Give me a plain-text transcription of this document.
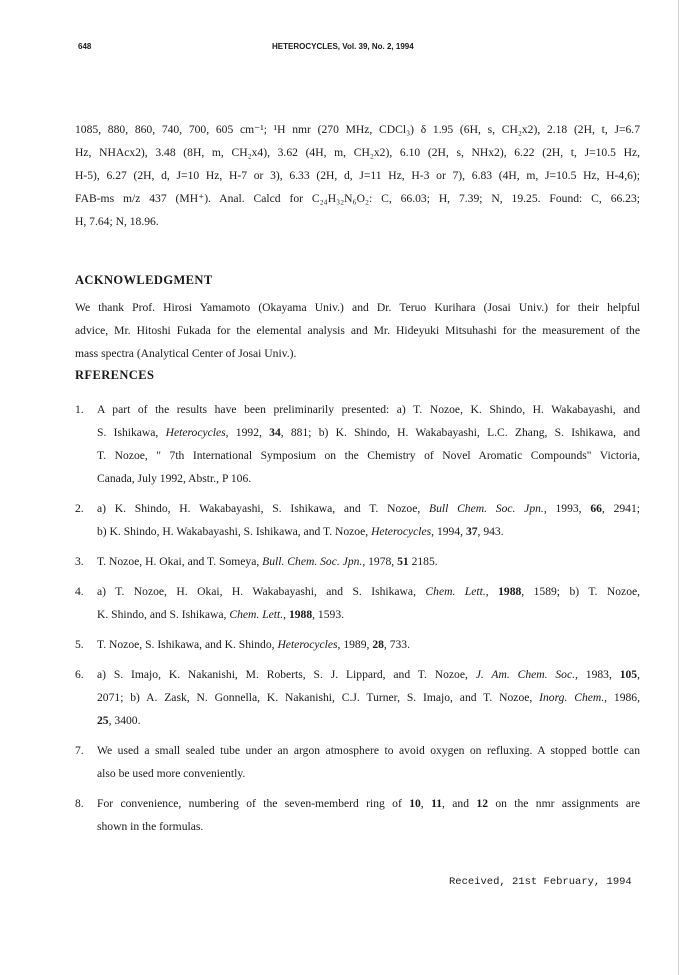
648	HETEROCYCLES, Vol. 39, No. 2, 1994
1085, 880, 860, 740, 700, 605 cm⁻¹; ¹H nmr (270 MHz, CDCl₃) δ 1.95 (6H, s, CH₂x2), 2.18 (2H, t, J=6.7
Hz, NHAcx2), 3.48 (8H, m, CH₂x4), 3.62 (4H, m, CH₂x2), 6.10 (2H, s, NHx2), 6.22 (2H, t, J=10.5 Hz,
H-5), 6.27 (2H, d, J=10 Hz, H-7 or 3), 6.33 (2H, d, J=11 Hz, H-3 or 7), 6.83 (4H, m, J=10.5 Hz, H-4,6);
FAB-ms m/z 437 (MH⁺). Anal. Calcd for C₂₄H₃₂N₆O₂: C, 66.03; H, 7.39; N, 19.25. Found: C, 66.23;
H, 7.64; N, 18.96.
ACKNOWLEDGMENT
We thank Prof. Hirosi Yamamoto (Okayama Univ.) and Dr. Teruo Kurihara (Josai Univ.) for their helpful
advice, Mr. Hitoshi Fukada for the elemental analysis and Mr. Hideyuki Mitsuhashi for the measurement of the
mass spectra (Analytical Center of Josai Univ.).
RFERENCES
1. A part of the results have been preliminarily presented: a) T. Nozoe, K. Shindo, H. Wakabayashi, and
S. Ishikawa, Heterocycles, 1992, 34, 881; b) K. Shindo, H. Wakabayashi, L.C. Zhang, S. Ishikawa, and
T. Nozoe, " 7th International Symposium on the Chemistry of Novel Aromatic Compounds" Victoria,
Canada, July 1992, Abstr., P 106.
2. a) K. Shindo, H. Wakabayashi, S. Ishikawa, and T. Nozoe, Bull Chem. Soc. Jpn., 1993, 66, 2941;
b) K. Shindo, H. Wakabayashi, S. Ishikawa, and T. Nozoe, Heterocycles, 1994, 37, 943.
3. T. Nozoe, H. Okai, and T. Someya, Bull. Chem. Soc. Jpn., 1978, 51 2185.
4. a) T. Nozoe, H. Okai, H. Wakabayashi, and S. Ishikawa, Chem. Lett., 1988, 1589; b) T. Nozoe,
K. Shindo, and S. Ishikawa, Chem. Lett., 1988, 1593.
5. T. Nozoe, S. Ishikawa, and K. Shindo, Heterocycles, 1989, 28, 733.
6. a) S. Imajo, K. Nakanishi, M. Roberts, S. J. Lippard, and T. Nozoe, J. Am. Chem. Soc., 1983, 105,
2071; b) A. Zask, N. Gonnella, K. Nakanishi, C.J. Turner, S. Imajo, and T. Nozoe, Inorg. Chem., 1986,
25, 3400.
7. We used a small sealed tube under an argon atmosphere to avoid oxygen on refluxing. A stopped bottle can
also be used more conveniently.
8. For convenience, numbering of the seven-memberd ring of 10, 11, and 12 on the nmr assignments are
shown in the formulas.
Received, 21st February, 1994
